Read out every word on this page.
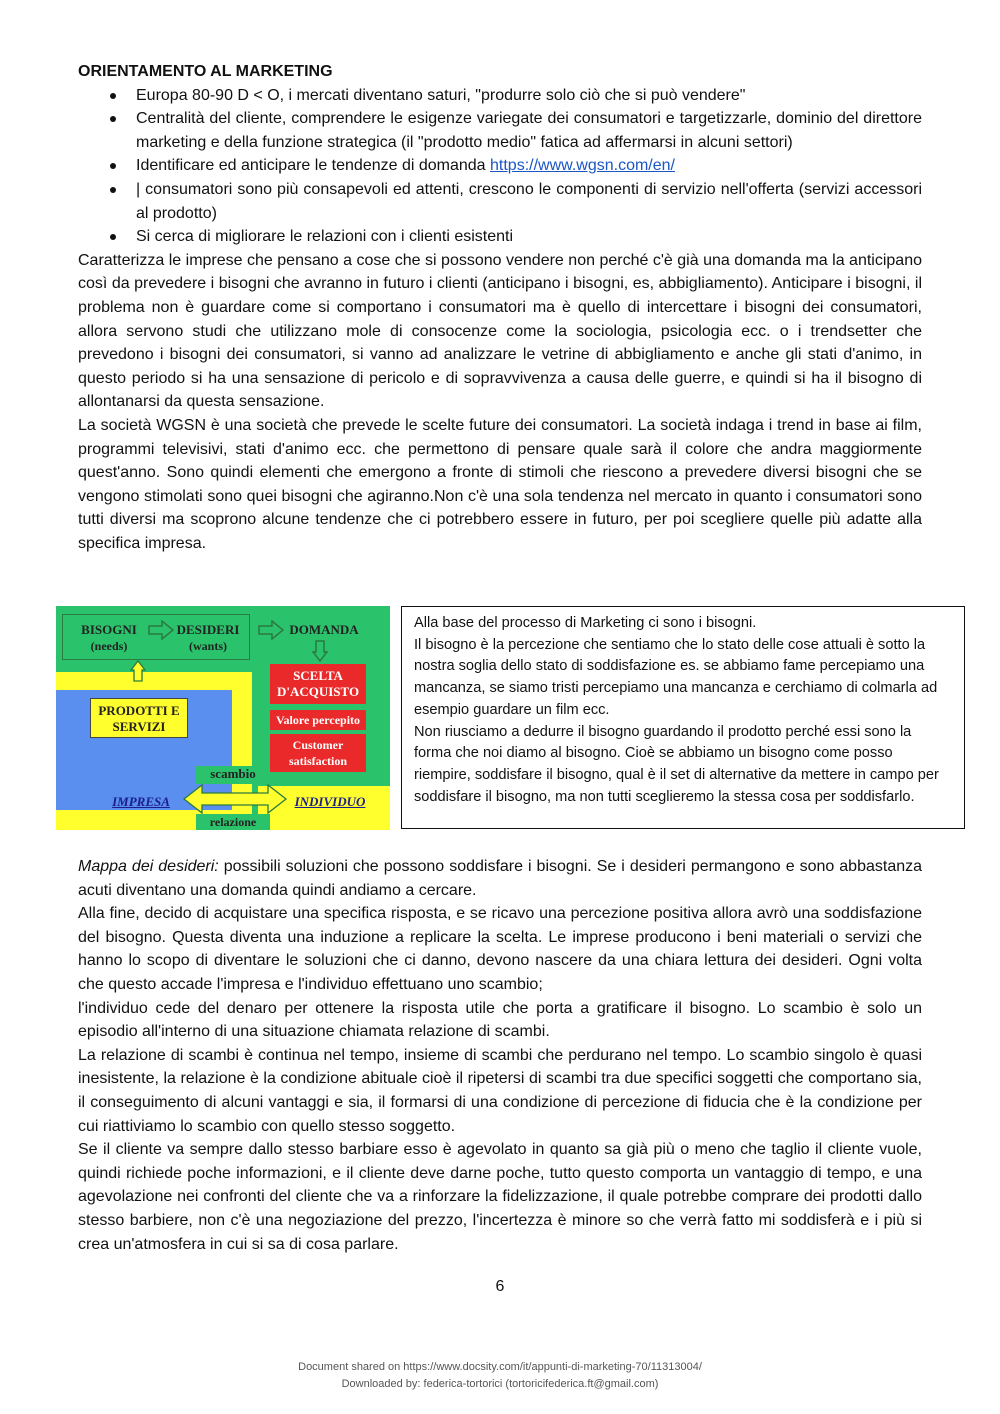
ORIENTAMENTO AL MARKETING
Europa 80-90 D < O, i mercati diventano saturi, "produrre solo ciò che si può vendere"
Centralità del cliente, comprendere le esigenze variegate dei consumatori e targetizzarle, dominio del direttore marketing e della funzione strategica (il "prodotto medio" fatica ad affermarsi in alcuni settori)
Identificare ed anticipare le tendenze di domanda https://www.wgsn.com/en/
| consumatori sono più consapevoli ed attenti, crescono le componenti di servizio nell'offerta (servizi accessori al prodotto)
Si cerca di migliorare le relazioni con i clienti esistenti

Caratterizza le imprese che pensano a cose che si possono vendere non perché c'è già una domanda ma la anticipano così da prevedere i bisogni che avranno in futuro i clienti (anticipano i bisogni, es, abbigliamento). Anticipare i bisogni, il problema non è guardare come si comportano i consumatori ma è quello di intercettare i bisogni dei consumatori, allora servono studi che utilizzano mole di consocenze come la sociologia, psicologia ecc. o i trendsetter che prevedono i bisogni dei consumatori, si vanno ad analizzare le vetrine di abbigliamento e anche gli stati d'animo, in questo periodo si ha una sensazione di pericolo e di sopravvivenza a causa delle guerre, e quindi si ha il bisogno di allontanarsi da questa sensazione.

La società WGSN è una società che prevede le scelte future dei consumatori. La società indaga i trend in base ai film, programmi televisivi, stati d'animo ecc. che permettono di pensare quale sarà il colore che andra maggiormente quest'anno. Sono quindi elementi che emergono a fronte di stimoli che riescono a prevedere diversi bisogni che se vengono stimolati sono quei bisogni che agiranno.Non c'è una sola tendenza nel mercato in quanto i consumatori sono tutti diversi ma scoprono alcune tendenze che ci potrebbero essere in futuro, per poi scegliere quelle più adatte alla specifica impresa.

BISOGNI
(needs)
DESIDERI
(wants)
DOMANDA
PRODOTTI E SERVIZI
SCELTA D'ACQUISTO
Valore percepito
Customer satisfaction
scambio
IMPRESA	INDIVIDUO
relazione

Alla base del processo di Marketing ci sono i bisogni.

Il bisogno è la percezione che sentiamo che lo stato delle cose attuali è sotto la nostra soglia dello stato di soddisfazione es. se abbiamo fame percepiamo una mancanza, se siamo tristi percepiamo una mancanza e cerchiamo di colmarla ad esempio guardare un film ecc.

Non riusciamo a dedurre il bisogno guardando il prodotto perché essi sono la forma che noi diamo al bisogno. Cioè se abbiamo un bisogno come posso riempire, soddisfare il bisogno, qual è il set di alternative da mettere in campo per soddisfare il bisogno, ma non tutti sceglieremo la stessa cosa per soddisfarlo.

Mappa dei desideri: possibili soluzioni che possono soddisfare i bisogni. Se i desideri permangono e sono abbastanza acuti diventano una domanda quindi andiamo a cercare.

Alla fine, decido di acquistare una specifica risposta, e se ricavo una percezione positiva allora avrò una soddisfazione del bisogno. Questa diventa una induzione a replicare la scelta. Le imprese producono i beni materiali o servizi che hanno lo scopo di diventare le soluzioni che ci danno, devono nascere da una chiara lettura dei desideri. Ogni volta che questo accade l'impresa e l'individuo effettuano uno scambio;

l'individuo cede del denaro per ottenere la risposta utile che porta a gratificare il bisogno. Lo scambio è solo un episodio all'interno di una situazione chiamata relazione di scambi.

La relazione di scambi è continua nel tempo, insieme di scambi che perdurano nel tempo. Lo scambio singolo è quasi inesistente, la relazione è la condizione abituale cioè il ripetersi di scambi tra due specifici soggetti che comportano sia, il conseguimento di alcuni vantaggi e sia, il formarsi di una condizione di percezione di fiducia che è la condizione per cui riattiviamo lo scambio con quello stesso soggetto.

Se il cliente va sempre dallo stesso barbiare esso è agevolato in quanto sa già più o meno che taglio il cliente vuole, quindi richiede poche informazioni, e il cliente deve darne poche, tutto questo comporta un vantaggio di tempo, e una agevolazione nei confronti del cliente che va a rinforzare la fidelizzazione, il quale potrebbe comprare dei prodotti dallo stesso barbiere, non c'è una negoziazione del prezzo, l'incertezza è minore so che verrà fatto mi soddisferà e i più si crea un'atmosfera in cui si sa di cosa parlare.

6
Document shared on https://www.docsity.com/it/appunti-di-marketing-70/11313004/
Downloaded by: federica-tortorici (tortoricifederica.ft@gmail.com)
